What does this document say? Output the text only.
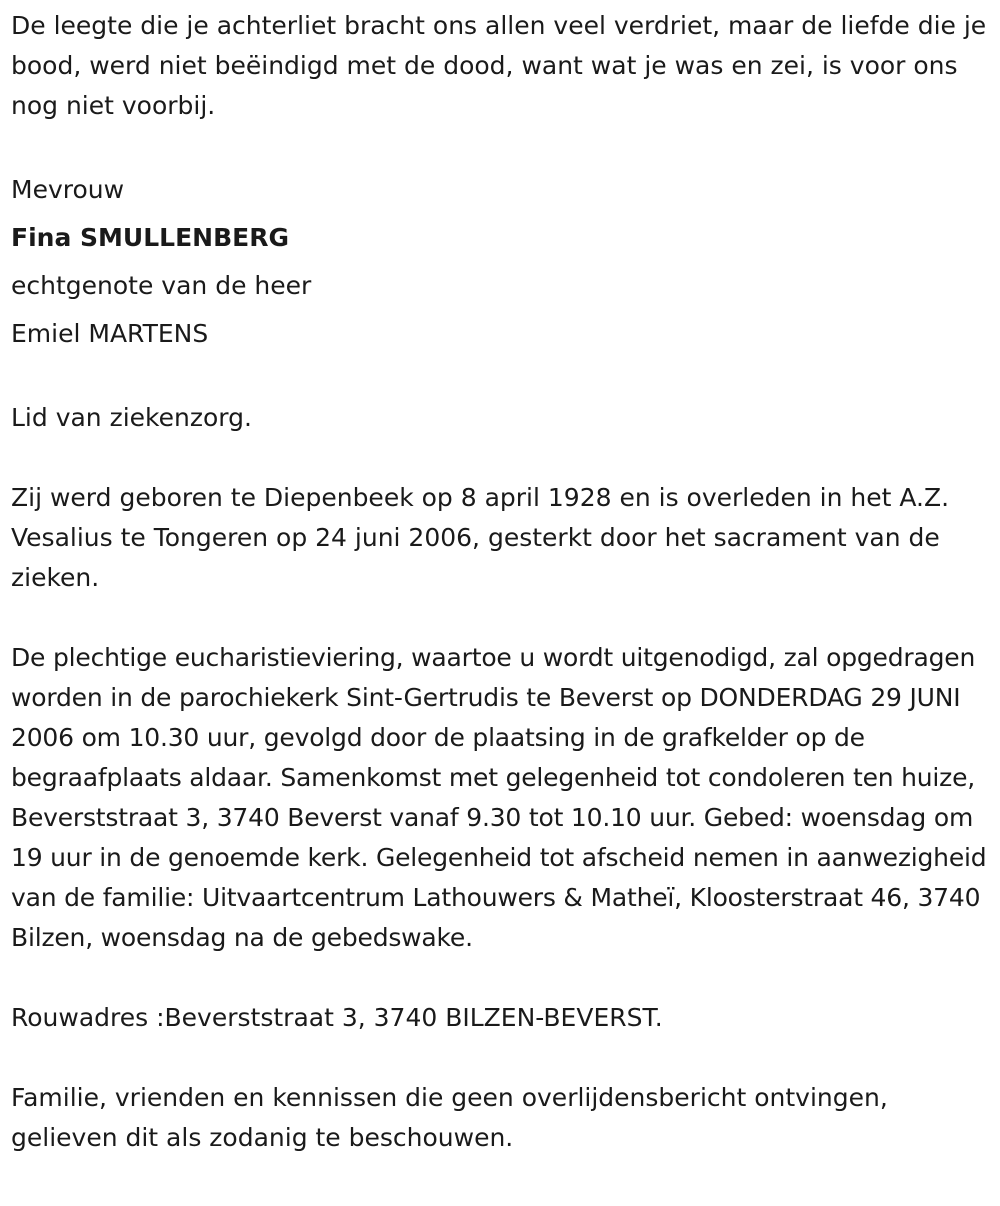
De leegte die je achterliet bracht ons allen veel verdriet, maar de liefde die je bood, werd niet beëindigd met de dood, want wat je was en zei, is voor ons nog niet voorbij.

Mevrouw
Fina SMULLENBERG
echtgenote van de heer
Emiel MARTENS

Lid van ziekenzorg.

Zij werd geboren te Diepenbeek op 8 april 1928 en is overleden in het A.Z. Vesalius te Tongeren op 24 juni 2006, gesterkt door het sacrament van de zieken.

De plechtige eucharistieviering, waartoe u wordt uitgenodigd, zal opgedragen worden in de parochiekerk Sint-Gertrudis te Beverst op DONDERDAG 29 JUNI 2006 om 10.30 uur, gevolgd door de plaatsing in de grafkelder op de begraafplaats aldaar. Samenkomst met gelegenheid tot condoleren ten huize, Beverststraat 3, 3740 Beverst vanaf 9.30 tot 10.10 uur. Gebed: woensdag om 19 uur in de genoemde kerk. Gelegenheid tot afscheid nemen in aanwezigheid van de familie: Uitvaartcentrum Lathouwers & Matheï, Kloosterstraat 46, 3740 Bilzen, woensdag na de gebedswake.

Rouwadres :Beverststraat 3, 3740 BILZEN-BEVERST.

Familie, vrienden en kennissen die geen overlijdensbericht ontvingen, gelieven dit als zodanig te beschouwen.
